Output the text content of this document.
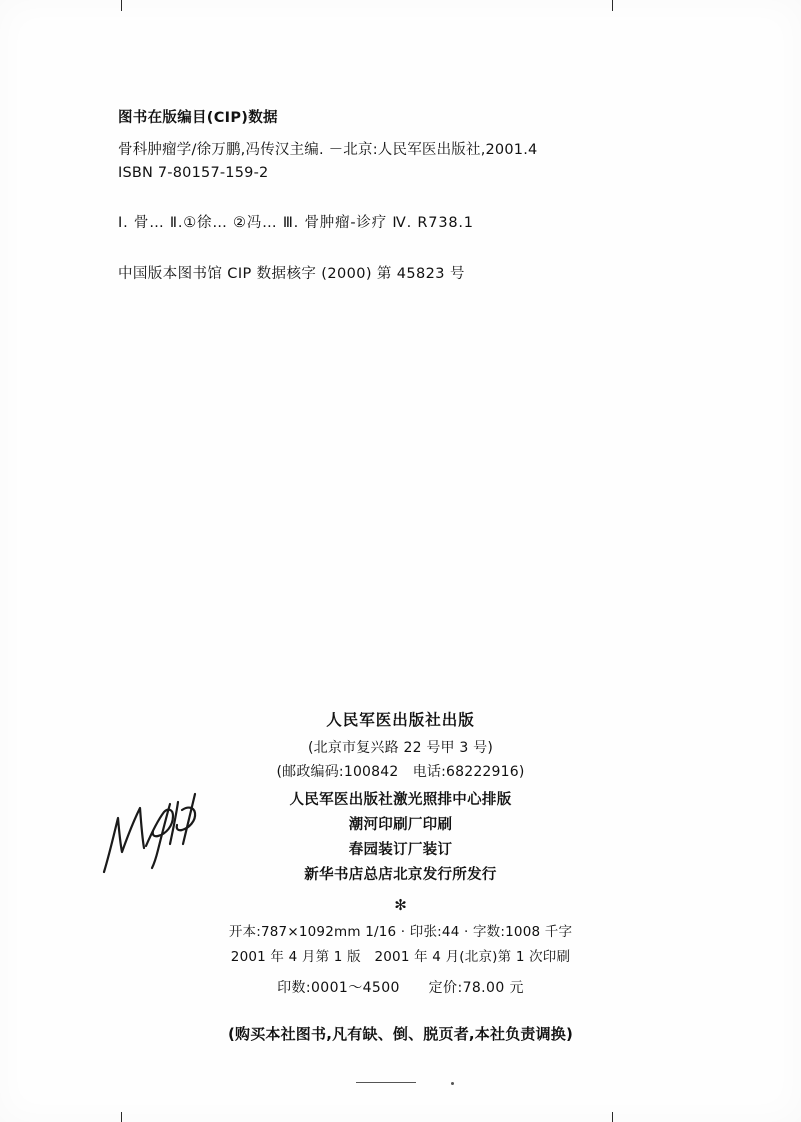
图书在版编目(CIP)数据
骨科肿瘤学/徐万鹏,冯传汉主编. －北京:人民军医出版社,2001.4
ISBN 7-80157-159-2
Ⅰ. 骨… Ⅱ.①徐… ②冯… Ⅲ. 骨肿瘤-诊疗 Ⅳ. R738.1
中国版本图书馆 CIP 数据核字 (2000) 第 45823 号
人民军医出版社出版
(北京市复兴路 22 号甲 3 号)
(邮政编码:100842　电话:68222916)
人民军医出版社激光照排中心排版
潮河印刷厂印刷
春园装订厂装订
新华书店总店北京发行所发行
✻
开本:787×1092mm 1/16 · 印张:44 · 字数:1008 千字
2001 年 4 月第 1 版　2001 年 4 月(北京)第 1 次印刷
印数:0001～4500　　定价:78.00 元
(购买本社图书,凡有缺、倒、脱页者,本社负责调换)
